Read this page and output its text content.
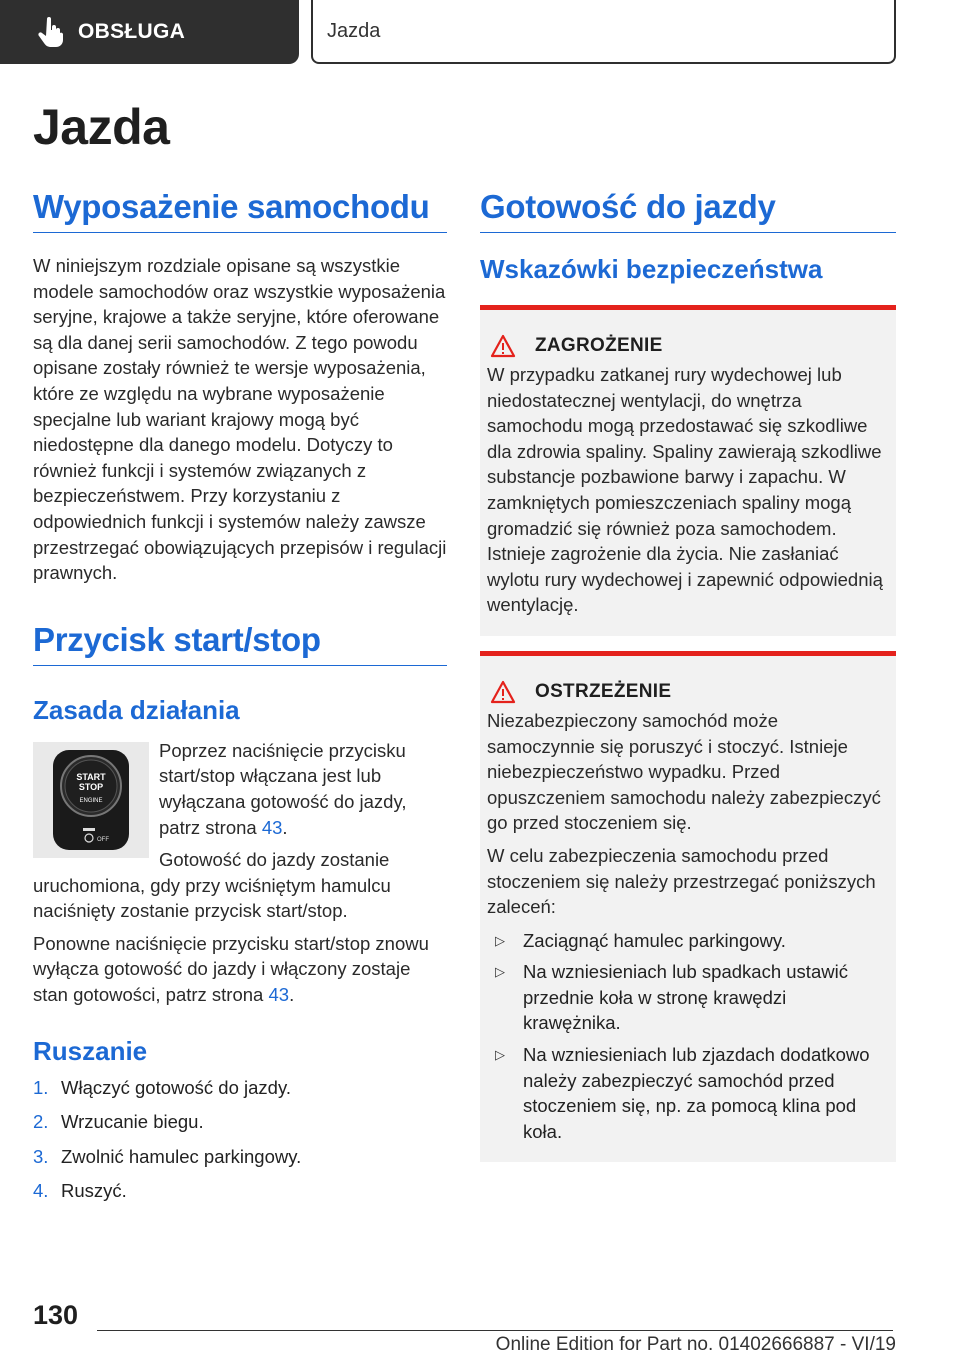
OBSŁUGA	Jazda
Jazda
Wyposażenie samochodu

W niniejszym rozdziale opisane są wszystkie modele samochodów oraz wszystkie wyposażenia seryjne, krajowe a także seryjne, które oferowane są dla danej serii samochodów. Z tego powodu opisane zostały również te wersje wyposażenia, które ze względu na wybrane wyposażenie specjalne lub wariant krajowy mogą być niedostępne dla danego modelu. Dotyczy to również funkcji i systemów związanych z bezpieczeństwem. Przy korzystaniu z odpowiednich funkcji i systemów należy zawsze przestrzegać obowiązujących przepisów i regulacji prawnych.

Przycisk start/stop
Zasada działania
START
STOP
ENGINE
OFF

Poprzez naciśnięcie przycisku start/stop włączana jest lub wyłączana gotowość do jazdy, patrz strona 43.

Gotowość do jazdy zostanie uruchomiona, gdy przy wciśniętym hamulcu naciśnięty zostanie przycisk start/stop.

Ponowne naciśnięcie przycisku start/stop znowu wyłącza gotowość do jazdy i włączony zostaje stan gotowości, patrz strona 43.

Ruszanie
1. Włączyć gotowość do jazdy.
2. Wrzucanie biegu.
3. Zwolnić hamulec parkingowy.
4. Ruszyć.
Gotowość do jazdy
Wskazówki bezpieczeństwa
ZAGROŻENIE

W przypadku zatkanej rury wydechowej lub niedostatecznej wentylacji, do wnętrza samochodu mogą przedostawać się szkodliwe dla zdrowia spaliny. Spaliny zawierają szkodliwe substancje pozbawione barwy i zapachu. W zamkniętych pomieszczeniach spaliny mogą gromadzić się również poza samochodem. Istnieje zagrożenie dla życia. Nie zasłaniać wylotu rury wydechowej i zapewnić odpowiednią wentylację.

OSTRZEŻENIE

Niezabezpieczony samochód może samoczynnie się poruszyć i stoczyć. Istnieje niebezpieczeństwo wypadku. Przed opuszczeniem samochodu należy zabezpieczyć go przed stoczeniem się.

W celu zabezpieczenia samochodu przed stoczeniem się należy przestrzegać poniższych zaleceń:

▷ Zaciągnąć hamulec parkingowy.
▷ Na wzniesieniach lub spadkach ustawić przednie koła w stronę krawędzi krawężnika.
▷ Na wzniesieniach lub zjazdach dodatkowo należy zabezpieczyć samochód przed stoczeniem się, np. za pomocą klina pod koła.
130
Online Edition for Part no. 01402666887 - VI/19
